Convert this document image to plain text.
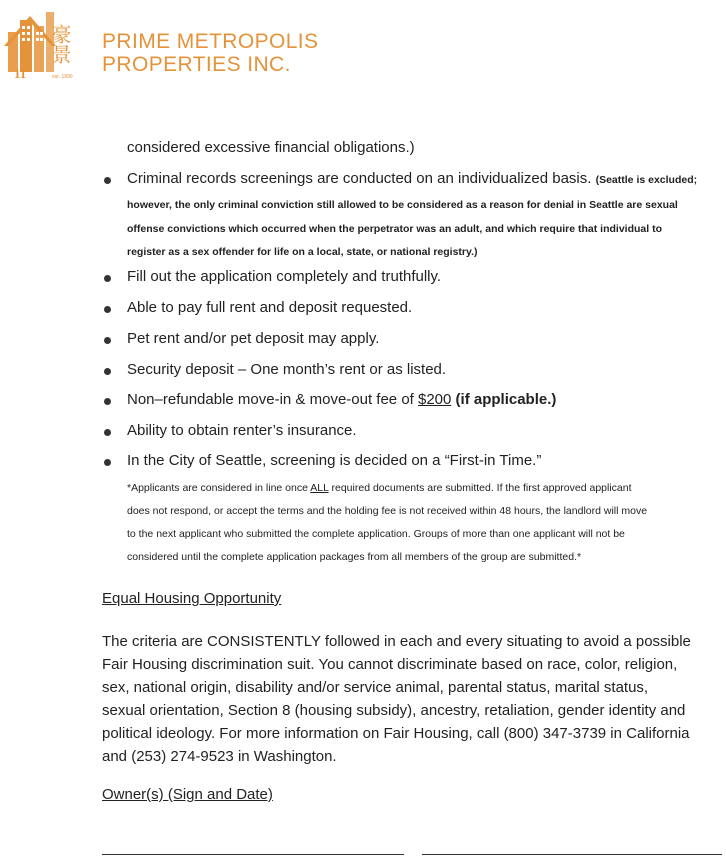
11	est. 1990
豪景 PRIME METROPOLIS
PROPERTIES INC.
considered excessive financial obligations.)
Criminal records screenings are conducted on an individualized basis. (Seattle is excluded;
however, the only criminal conviction still allowed to be considered as a reason for denial in Seattle are sexual
offense convictions which occurred when the perpetrator was an adult, and which require that individual to
register as a sex offender for life on a local, state, or national registry.)
Fill out the application completely and truthfully.
Able to pay full rent and deposit requested.
Pet rent and/or pet deposit may apply.
Security deposit – One month’s rent or as listed.
Non–refundable move-in & move-out fee of $200 (if applicable.)
Ability to obtain renter’s insurance.
In the City of Seattle, screening is decided on a “First-in Time.”
*Applicants are considered in line once ALL required documents are submitted. If the first approved applicant
does not respond, or accept the terms and the holding fee is not received within 48 hours, the landlord will move
to the next applicant who submitted the complete application. Groups of more than one applicant will not be
considered until the complete application packages from all members of the group are submitted.*
Equal Housing Opportunity
The criteria are CONSISTENTLY followed in each and every situating to avoid a possible
Fair Housing discrimination suit. You cannot discriminate based on race, color, religion,
sex, national origin, disability and/or service animal, parental status, marital status,
sexual orientation, Section 8 (housing subsidy), ancestry, retaliation, gender identity and
political ideology. For more information on Fair Housing, call (800) 347-3739 in California
and (253) 274-9523 in Washington.
Owner(s) (Sign and Date)
